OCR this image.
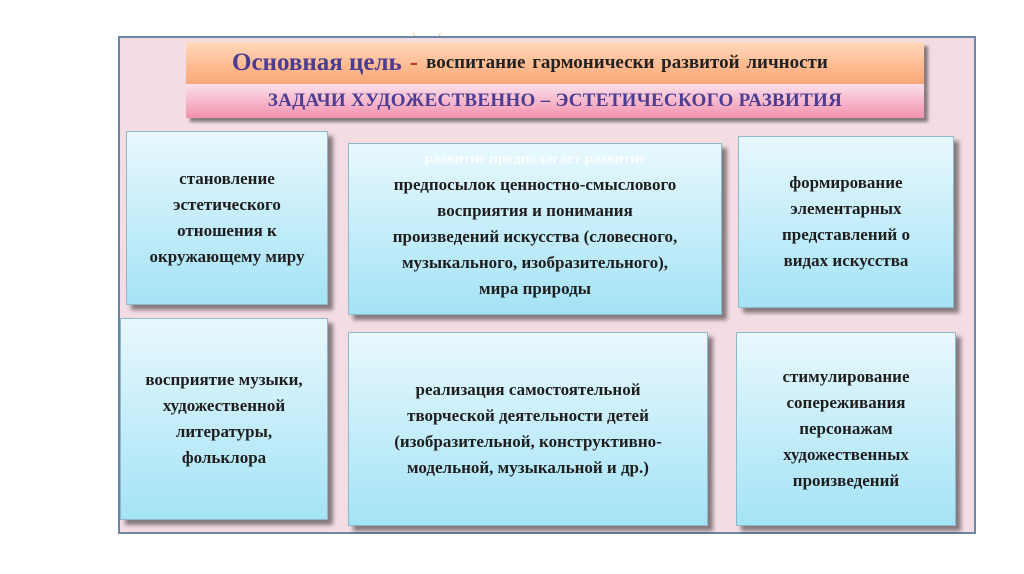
Основная цель - воспитание гармонически развитой личности
ЗАДАЧИ ХУДОЖЕСТВЕННО – ЭСТЕТИЧЕСКОГО РАЗВИТИЯ
становление
эстетического
отношения к
окружающему миру
развитие предполагает развитие
предпосылок ценностно-смыслового
восприятия и понимания
произведений искусства (словесного,
музыкального, изобразительного),
мира природы
формирование
элементарных
представлений о
видах искусства
восприятие музыки,
художественной
литературы,
фольклора
реализация самостоятельной
творческой деятельности детей
(изобразительной, конструктивно-
модельной, музыкальной и др.)
стимулирование
сопереживания
персонажам
художественных
произведений
